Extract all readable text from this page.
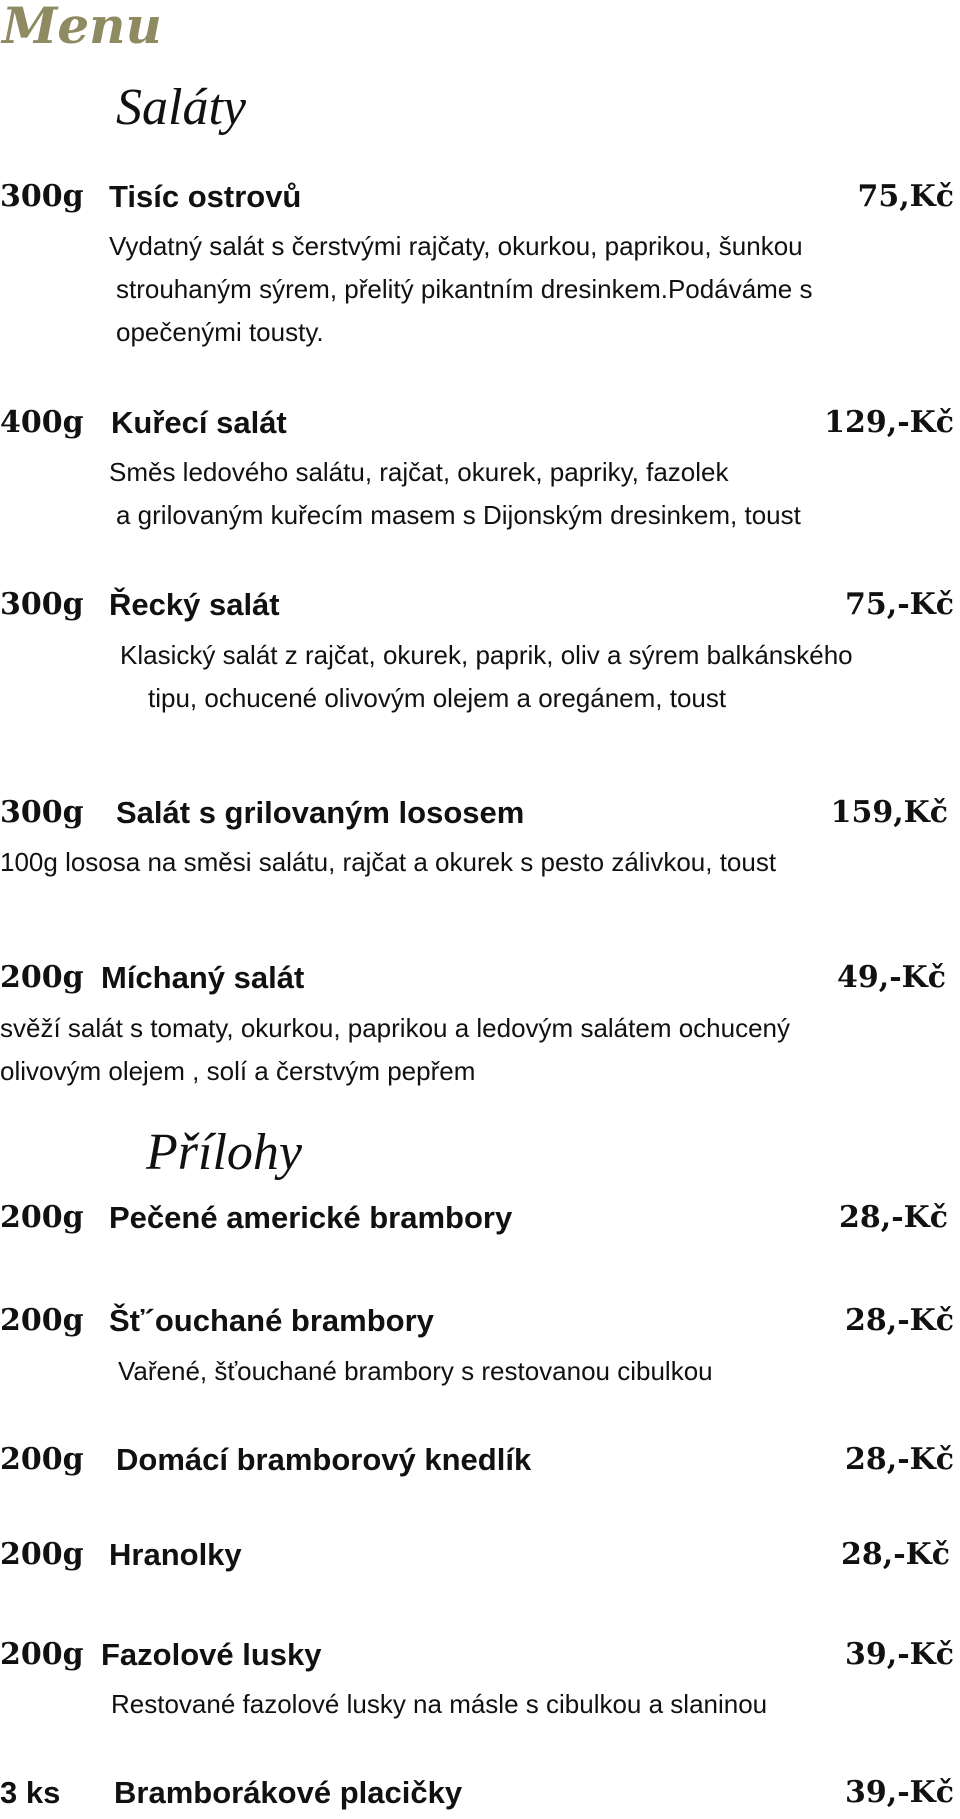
Menu
Saláty
300g Tisíc ostrovů	75,Kč
Vydatný salát s čerstvými rajčaty, okurkou, paprikou, šunkou
strouhaným sýrem, přelitý pikantním dresinkem.Podáváme s
opečenými tousty.
400g Kuřecí salát	129,-Kč
Směs ledového salátu, rajčat, okurek, papriky, fazolek
a grilovaným kuřecím masem s Dijonským dresinkem, toust
300g Řecký salát	75,-Kč
Klasický salát z rajčat, okurek, paprik, oliv a sýrem balkánského
tipu, ochucené olivovým olejem a oregánem, toust
300g Salát s grilovaným lososem	159,Kč
100g lososa na směsi salátu, rajčat a okurek s pesto zálivkou, toust
200g Míchaný salát	49,-Kč
svěží salát s tomaty, okurkou, paprikou a ledovým salátem ochucený
olivovým olejem , solí a čerstvým pepřem
Přílohy
200g Pečené americké brambory	28,-Kč
200g Šť´ouchané brambory	28,-Kč
Vařené, šťouchané brambory s restovanou cibulkou
200g Domácí bramborový knedlík	28,-Kč
200g Hranolky	28,-Kč
200g Fazolové lusky	39,-Kč
Restované fazolové lusky na másle s cibulkou a slaninou
3 ks Bramborákové placičky	39,-Kč
